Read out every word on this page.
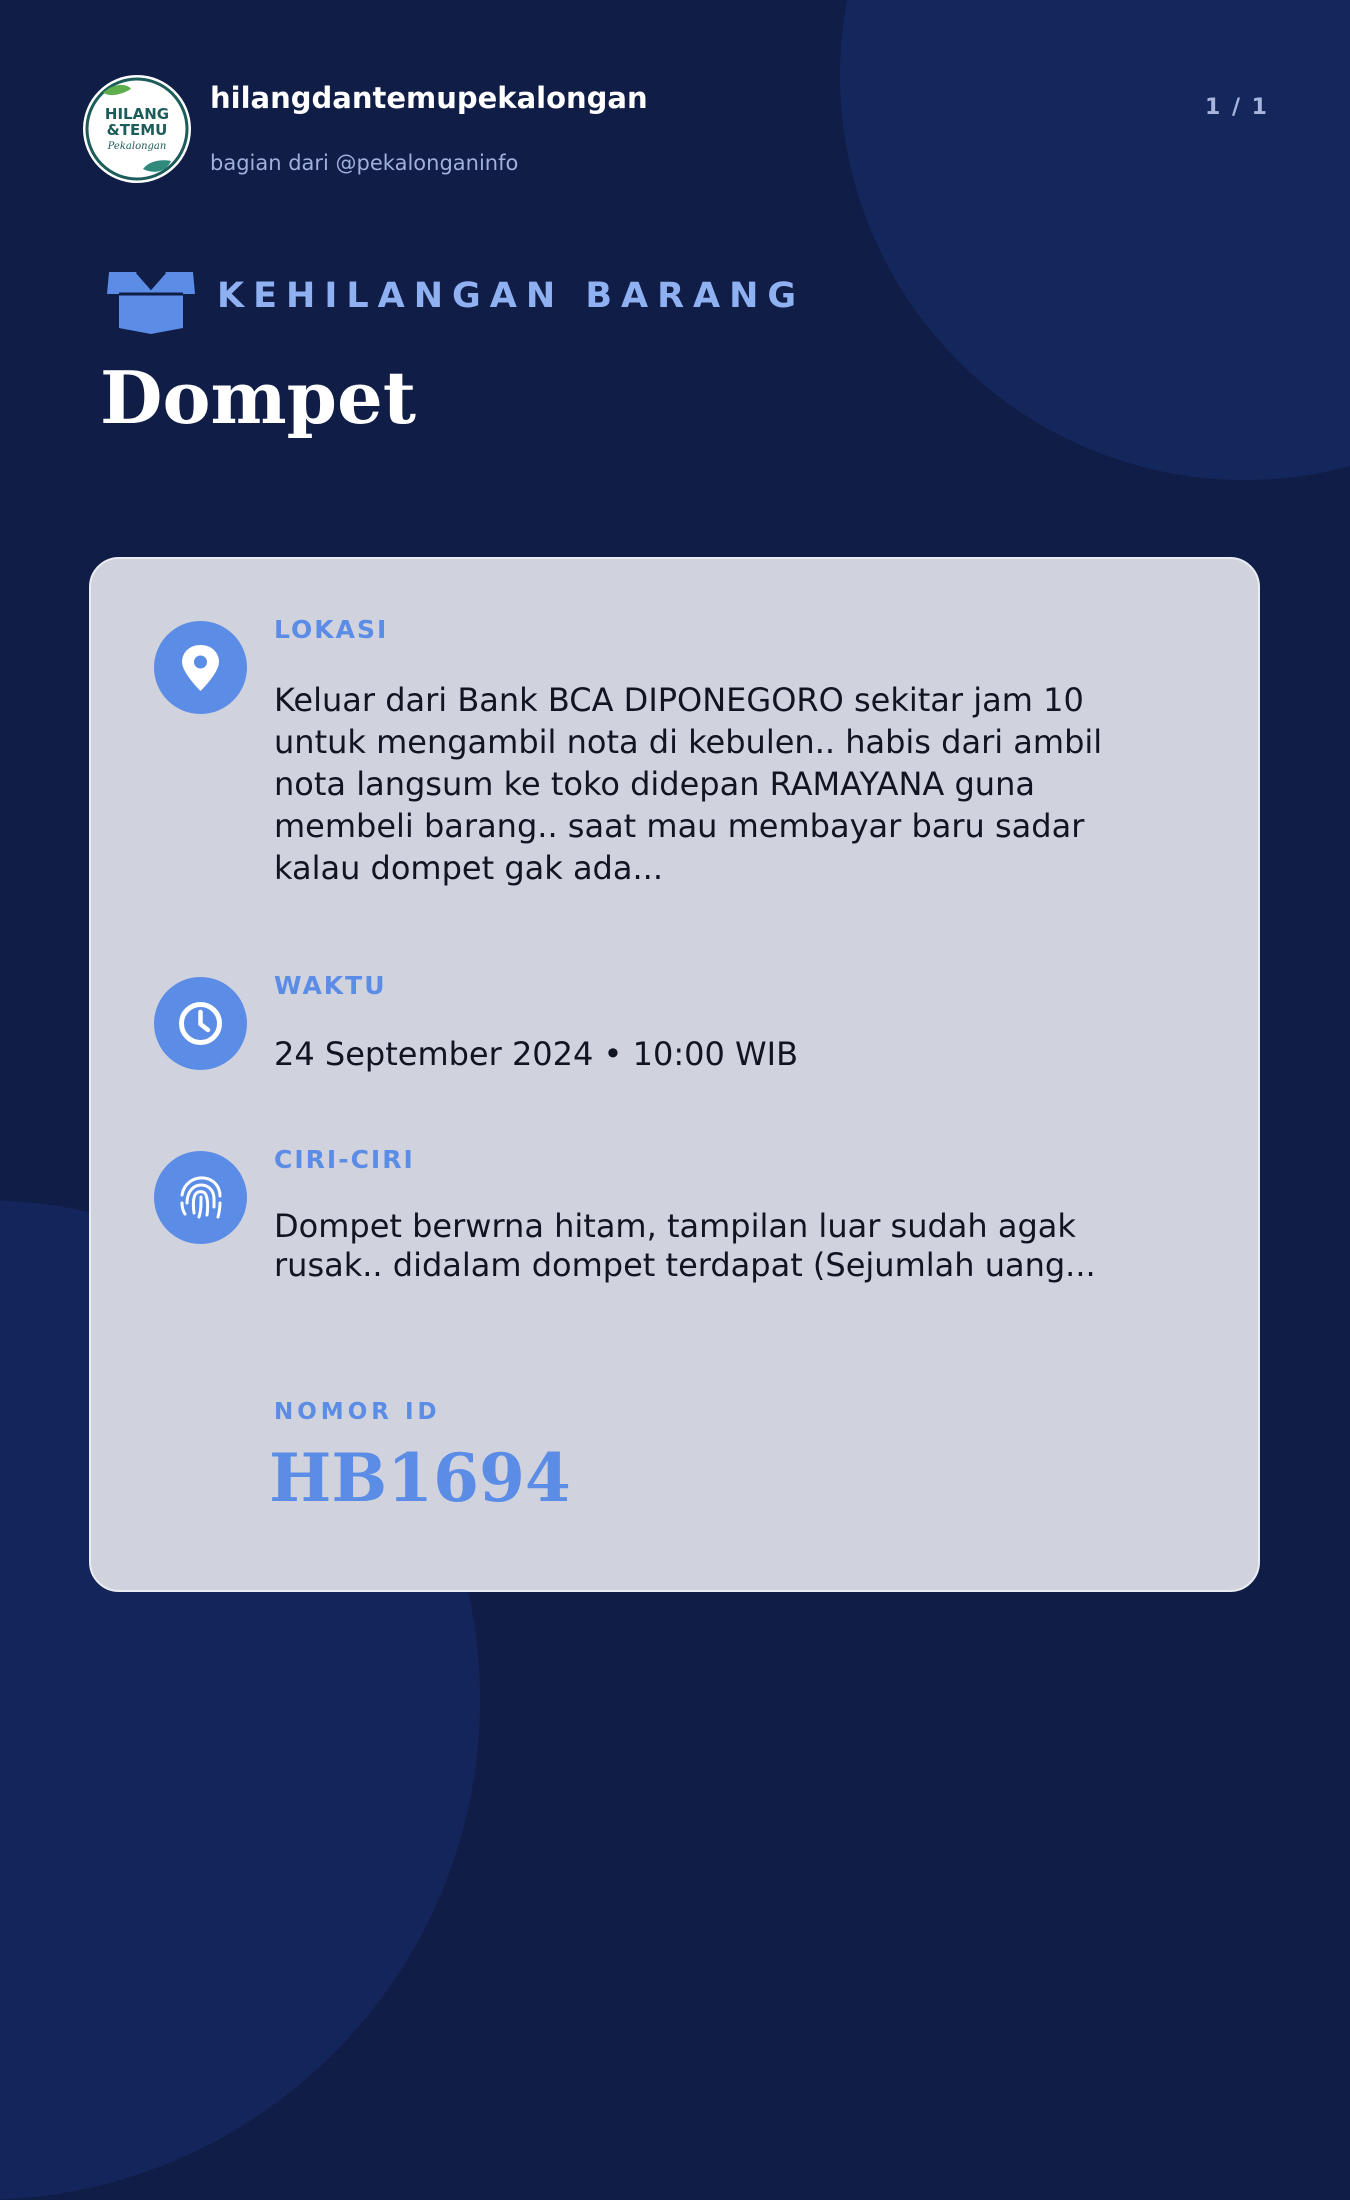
HILANG
&TEMU
Pekalongan
hilangdantemupekalongan
bagian dari @pekalonganinfo
1 / 1
KEHILANGAN BARANG
Dompet
LOKASI
Keluar dari Bank BCA DIPONEGORO sekitar jam 10 untuk mengambil nota di kebulen.. habis dari ambil nota langsum ke toko didepan RAMAYANA guna membeli barang.. saat mau membayar baru sadar kalau dompet gak ada...
WAKTU
24 September 2024 • 10:00 WIB
CIRI-CIRI
Dompet berwrna hitam, tampilan luar sudah agak rusak.. didalam dompet terdapat (Sejumlah uang...
NOMOR ID
HB1694
